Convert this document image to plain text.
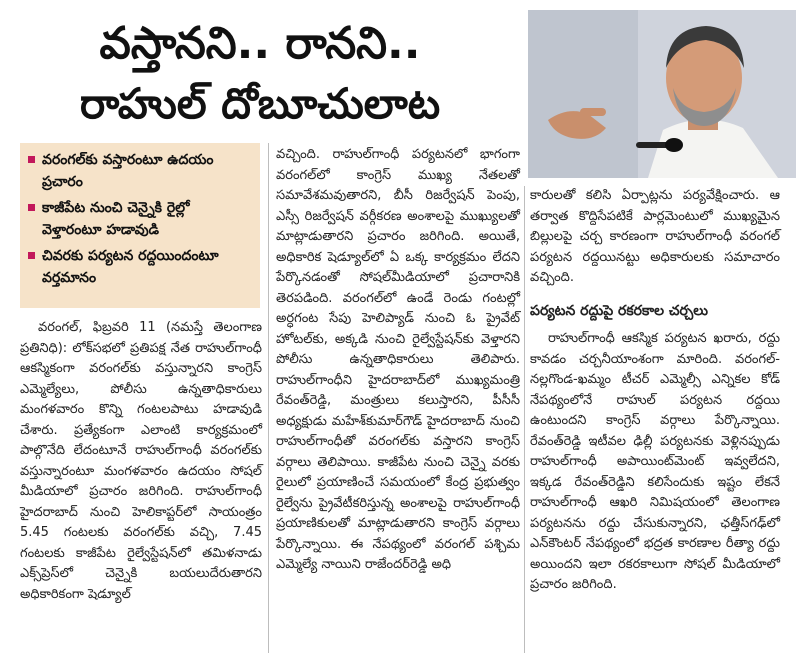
వస్తానని.. రానని..
రాహుల్ దోబూచులాట
వరంగల్‌కు వస్తారంటూ ఉదయం ప్రచారం
కాజీపేట నుంచి చెన్నైకి రైల్లో వెళ్తారంటూ హడావుడి
చివరకు పర్యటన రద్దయిందంటూ వర్తమానం

వరంగల్, ఫిబ్రవరి 11 (నమస్తే తెలంగాణ ప్రతినిధి): లోక్‌సభలో ప్రతిపక్ష నేత రాహుల్‌గాంధీ ఆకస్మికంగా వరంగల్‌కు వస్తున్నారని కాంగ్రెస్ ఎమ్మెల్యేలు, పోలీసు ఉన్నతాధికారులు మంగళవారం కొన్ని గంటలపాటు హడావుడి చేశారు. ప్రత్యేకంగా ఎలాంటి కార్యక్రమంలో పాల్గొనేది లేదంటూనే రాహుల్‌గాంధీ వరంగల్‌కు వస్తున్నారంటూ మంగళవారం ఉదయం సోషల్ మీడియాలో ప్రచారం జరిగింది. రాహుల్‌గాంధీ హైదరాబాద్ నుంచి హెలికాప్టర్‌లో సాయంత్రం 5.45 గంటలకు వరంగల్‌కు వచ్చి, 7.45 గంటలకు కాజీపేట రైల్వేస్టేషన్‌లో తమిళనాడు ఎక్స్‌ప్రెస్‌లో చెన్నైకి బయలుదేరుతారని అధికారికంగా షెడ్యూల్

వచ్చింది. రాహుల్‌గాంధీ పర్యటనలో భాగంగా వరంగల్‌లో కాంగ్రెస్ ముఖ్య నేతలతో సమావేశమవుతారని, బీసీ రిజర్వేషన్ పెంపు, ఎస్సీ రిజర్వేషన్ వర్గీకరణ అంశాలపై ముఖ్యులతో మాట్లాడుతారని ప్రచారం జరిగింది. అయితే, అధికారిక షెడ్యూల్‌లో ఏ ఒక్క కార్యక్రమం లేదని పేర్కొనడంతో సోషల్‌మీడియాలో ప్రచారానికి తెరపడింది. వరంగల్‌లో ఉండే రెండు గంటల్లో అర్ధగంట సేపు హెలిప్యాడ్ నుంచి ఓ ప్రైవేట్ హోటల్‌కు, అక్కడి నుంచి రైల్వేస్టేషన్‌కు వెళ్తారని పోలీసు ఉన్నతాధికారులు తెలిపారు. రాహుల్‌గాంధీని హైదరాబాద్‌లో ముఖ్యమంత్రి రేవంత్‌రెడ్డి, మంత్రులు కలుస్తారని, పీసీసీ అధ్యక్షుడు మహేశ్‌కుమార్‌గౌడ్ హైదరాబాద్ నుంచి రాహుల్‌గాంధీతో వరంగల్‌కు వస్తారని కాంగ్రెస్ వర్గాలు తెలిపాయి. కాజీపేట నుంచి చెన్నై వరకు రైలులో ప్రయాణించే సమయంలో కేంద్ర ప్రభుత్వం రైల్వేను ప్రైవేటీకరిస్తున్న అంశాలపై రాహుల్‌గాంధీ ప్రయాణికులతో మాట్లాడుతారని కాంగ్రెస్ వర్గాలు పేర్కొన్నాయి. ఈ నేపథ్యంలో వరంగల్ పశ్చిమ ఎమ్మెల్యే నాయిని రాజేందర్‌రెడ్డి అధి

కారులతో కలిసి ఏర్పాట్లను పర్యవేక్షించారు. ఆ తర్వాత కొద్దిసేపటికే పార్లమెంటులో ముఖ్యమైన బిల్లులపై చర్చ కారణంగా రాహుల్‌గాంధీ వరంగల్ పర్యటన రద్దయినట్టు అధికారులకు సమాచారం వచ్చింది.

పర్యటన రద్దుపై రకరకాల చర్చలు

రాహుల్‌గాంధీ ఆకస్మిక పర్యటన ఖరారు, రద్దు కావడం చర్చనీయాంశంగా మారింది. వరంగల్-నల్లగొండ-ఖమ్మం టీచర్ ఎమ్మెల్సీ ఎన్నికల కోడ్ నేపథ్యంలోనే రాహుల్ పర్యటన రద్దయి ఉంటుందని కాంగ్రెస్ వర్గాలు పేర్కొన్నాయి. రేవంత్‌రెడ్డి ఇటీవల ఢిల్లీ పర్యటనకు వెళ్లినప్పుడు రాహుల్‌గాంధీ అపాయింట్‌మెంట్ ఇవ్వలేదని, ఇక్కడ రేవంత్‌రెడ్డిని కలిసేందుకు ఇష్టం లేకనే రాహుల్‌గాంధీ ఆఖరి నిమిషయంలో తెలంగాణ పర్యటనను రద్దు చేసుకున్నారని, ఛత్తీస్‌గఢ్‌లో ఎన్‌కౌంటర్ నేపథ్యంలో భద్రత కారణాల రీత్యా రద్దు అయిందని ఇలా రకరకాలుగా సోషల్ మీడియాలో ప్రచారం జరిగింది.
